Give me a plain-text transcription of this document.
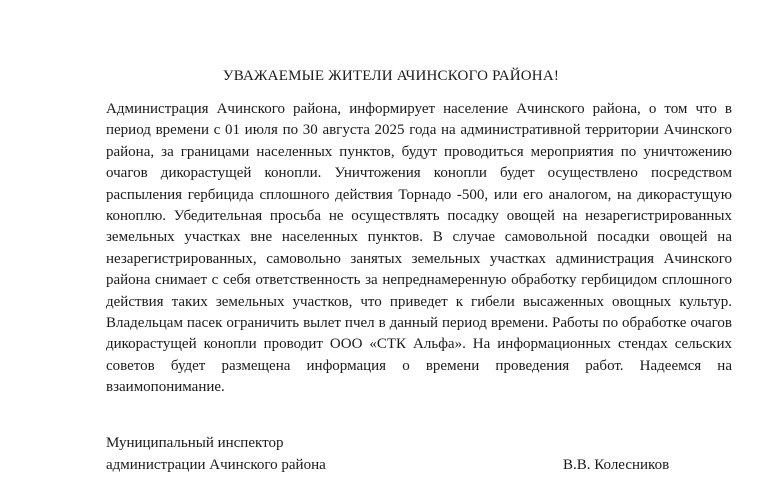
УВАЖАЕМЫЕ ЖИТЕЛИ АЧИНСКОГО РАЙОНА!
Администрация Ачинского района, информирует население Ачинского района, о том что в период времени с 01 июля по 30 августа 2025 года на административной территории Ачинского района, за границами населенных пунктов, будут проводиться мероприятия по уничтожению очагов дикорастущей конопли. Уничтожения конопли будет осуществлено посредством распыления гербицида сплошного действия Торнадо -500, или его аналогом, на дикорастущую коноплю. Убедительная просьба не осуществлять посадку овощей на незарегистрированных земельных участках вне населенных пунктов. В случае самовольной посадки овощей на незарегистрированных, самовольно занятых земельных участках администрация Ачинского района снимает с себя ответственность за непреднамеренную обработку гербицидом сплошного действия таких земельных участков, что приведет к гибели высаженных овощных культур. Владельцам пасек ограничить вылет пчел в данный период времени. Работы по обработке очагов дикорастущей конопли проводит ООО «СТК Альфа». На информационных стендах сельских советов будет размещена информация о времени проведения работ. Надеемся на взаимопонимание.
Муниципальный инспектор
администрации Ачинского района	В.В. Колесников
